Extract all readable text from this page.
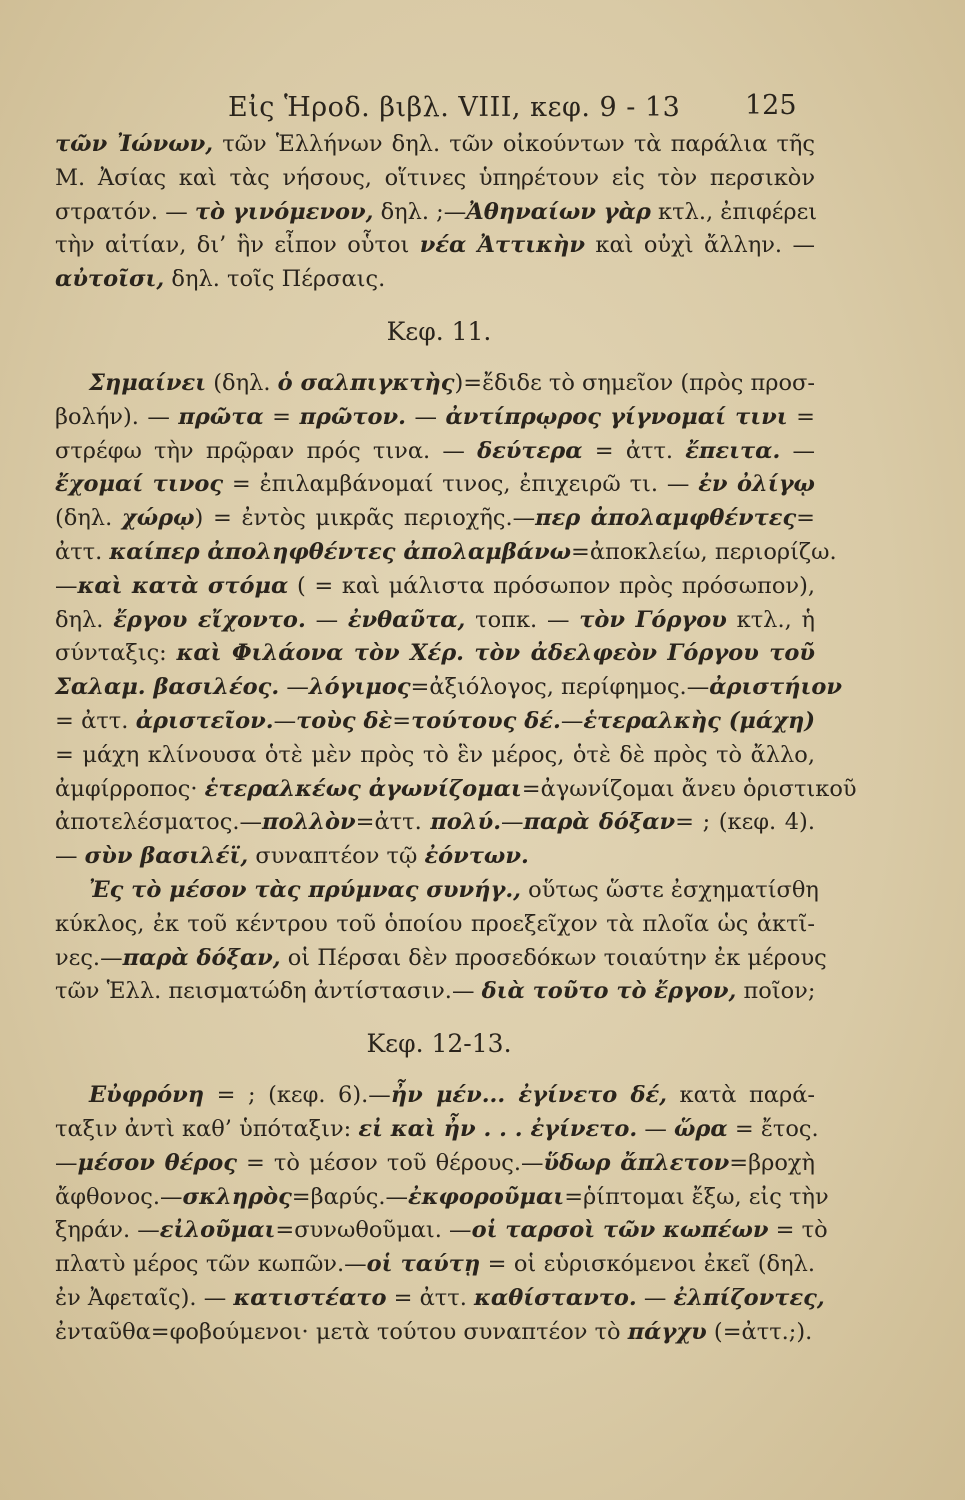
Εἰς Ἡροδ. βιβλ. VIII, κεφ. 9 - 13 125
τῶν Ἰώνων, τῶν Ἑλλήνων δηλ. τῶν οἰκούντων τὰ παράλια τῆς
Μ. Ἀσίας καὶ τὰς νήσους, οἵτινες ὑπηρέτουν εἰς τὸν περσικὸν
στρατόν. — τὸ γινόμενον, δηλ. ;—Ἀθηναίων γὰρ κτλ., ἐπιφέρει
τὴν αἰτίαν, δι’ ἣν εἶπον οὗτοι νέα Ἀττικὴν καὶ οὐχὶ ἄλλην. —
αὐτοῖσι, δηλ. τοῖς Πέρσαις.
Κεφ. 11.
Σημαίνει (δηλ. ὁ σαλπιγκτὴς)=ἔδιδε τὸ σημεῖον (πρὸς προσ-
βολήν). — πρῶτα = πρῶτον. — ἀντίπρῳρος γίγνομαί τινι =
στρέφω τὴν πρῷραν πρός τινα. — δεύτερα = ἀττ. ἔπειτα. —
ἔχομαί τινος = ἐπιλαμβάνομαί τινος, ἐπιχειρῶ τι. — ἐν ὀλίγῳ
(δηλ. χώρῳ) = ἐντὸς μικρᾶς περιοχῆς.—περ ἀπολαμφθέντες=
ἀττ. καίπερ ἀποληφθέντες ἀπολαμβάνω=ἀποκλείω, περιορίζω.
—καὶ κατὰ στόμα ( = καὶ μάλιστα πρόσωπον πρὸς πρόσωπον),
δηλ. ἔργου εἴχοντο. — ἐνθαῦτα, τοπκ. — τὸν Γόργου κτλ., ἡ
σύνταξις: καὶ Φιλάονα τὸν Χέρ. τὸν ἀδελφεὸν Γόργου τοῦ
Σαλαμ. βασιλέος. —λόγιμος=ἀξιόλογος, περίφημος.—ἀριστήιον
= ἀττ. ἀριστεῖον.—τοὺς δὲ=τούτους δέ.—ἑτεραλκὴς (μάχη)
= μάχη κλίνουσα ὁτὲ μὲν πρὸς τὸ ἓν μέρος, ὁτὲ δὲ πρὸς τὸ ἄλλο,
ἀμφίρροπος· ἑτεραλκέως ἀγωνίζομαι=ἀγωνίζομαι ἄνευ ὁριστικοῦ
ἀποτελέσματος.—πολλὸν=ἀττ. πολύ.—παρὰ δόξαν= ; (κεφ. 4).
— σὺν βασιλέϊ, συναπτέον τῷ ἐόντων.
Ἐς τὸ μέσον τὰς πρύμνας συνήγ., οὕτως ὥστε ἐσχηματίσθη
κύκλος, ἐκ τοῦ κέντρου τοῦ ὁποίου προεξεῖχον τὰ πλοῖα ὡς ἀκτῖ-
νες.—παρὰ δόξαν, οἱ Πέρσαι δὲν προσεδόκων τοιαύτην ἐκ μέρους
τῶν Ἑλλ. πεισματώδη ἀντίστασιν.— διὰ τοῦτο τὸ ἔργον, ποῖον;
Κεφ. 12-13.
Εὐφρόνη = ; (κεφ. 6).—ἦν μέν... ἐγίνετο δέ, κατὰ παρά-
ταξιν ἀντὶ καθ’ ὑπόταξιν: εἰ καὶ ἦν . . . ἐγίνετο. — ὥρα = ἔτος.
—μέσον θέρος = τὸ μέσον τοῦ θέρους.—ὕδωρ ἄπλετον=βροχὴ
ἄφθονος.—σκληρὸς=βαρύς.—ἐκφοροῦμαι=ῥίπτομαι ἔξω, εἰς τὴν
ξηράν. —εἰλοῦμαι=συνωθοῦμαι. —οἱ ταρσοὶ τῶν κωπέων = τὸ
πλατὺ μέρος τῶν κωπῶν.—οἱ ταύτῃ = οἱ εὑρισκόμενοι ἐκεῖ (δηλ.
ἐν Ἀφεταῖς). — κατιστέατο = ἀττ. καθίσταντο. — ἐλπίζοντες,
ἐνταῦθα=φοβούμενοι· μετὰ τούτου συναπτέον τὸ πάγχυ (=ἀττ.;).
